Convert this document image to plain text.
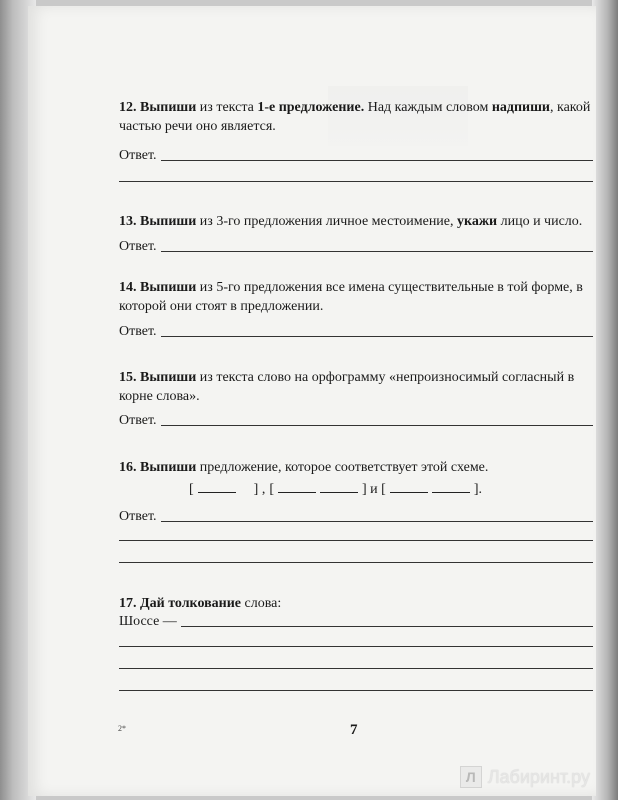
12. Выпиши из текста 1-е предложение. Над каждым словом надпиши, какой частью речи оно является.
Ответ.
13. Выпиши из 3-го предложения личное местоимение, укажи лицо и число.
Ответ.
14. Выпиши из 5-го предложения все имена существительные в той форме, в которой они стоят в предложении.
Ответ.
15. Выпиши из текста слово на орфограмму «непроизносимый согласный в корне слова».
Ответ.
16. Выпиши предложение, которое соответствует этой схеме.
[	] , [	] и [	].
Ответ.
17. Дай толкование слова:
Шоссе —
2*	7
Л Лабиринт.ру
